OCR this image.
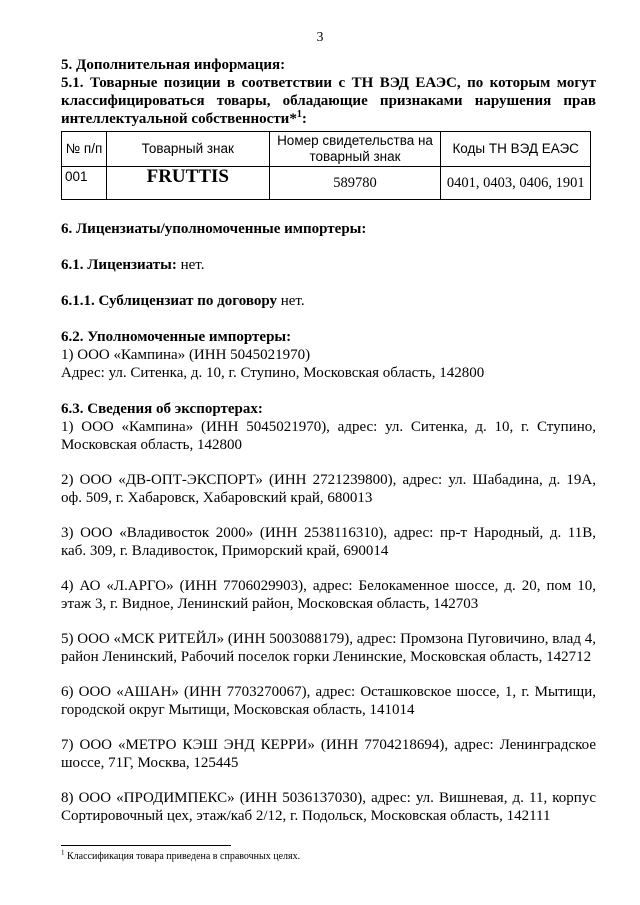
3
5. Дополнительная информация:
5.1. Товарные позиции в соответствии с ТН ВЭД ЕАЭС, по которым могут классифицироваться товары, обладающие признаками нарушения прав интеллектуальной собственности*$^1$:
№ п/п	Товарный знак	Номер свидетельства на товарный знак	Коды ТН ВЭД ЕАЭС
001	FRUTTIS	589780	0401, 0403, 0406, 1901
6. Лицензиаты/уполномоченные импортеры:
6.1. Лицензиаты: нет.
6.1.1. Сублицензиат по договору нет.
6.2. Уполномоченные импортеры:
1) ООО «Кампина» (ИНН 5045021970)
Адрес: ул. Ситенка, д. 10, г. Ступино, Московская область, 142800
6.3. Сведения об экспортерах:
1) ООО «Кампина» (ИНН 5045021970), адрес: ул. Ситенка, д. 10, г. Ступино, Московская область, 142800
2) ООО «ДВ-ОПТ-ЭКСПОРТ» (ИНН 2721239800), адрес: ул. Шабадина, д. 19А, оф. 509, г. Хабаровск, Хабаровский край, 680013
3) ООО «Владивосток 2000» (ИНН 2538116310), адрес: пр-т Народный, д. 11В, каб. 309, г. Владивосток, Приморский край, 690014
4) АО «Л.АРГО» (ИНН 7706029903), адрес: Белокаменное шоссе, д. 20, пом 10, этаж 3, г. Видное, Ленинский район, Московская область, 142703
5) ООО «МСК РИТЕЙЛ» (ИНН 5003088179), адрес: Промзона Пуговичино, влад 4, район Ленинский, Рабочий поселок горки Ленинские, Московская область, 142712
6) ООО «АШАН» (ИНН 7703270067), адрес: Осташковское шоссе, 1, г. Мытищи, городской округ Мытищи, Московская область, 141014
7) ООО «МЕТРО КЭШ ЭНД КЕРРИ» (ИНН 7704218694), адрес: Ленинградское шоссе, 71Г, Москва, 125445
8) ООО «ПРОДИМПЕКС» (ИНН 5036137030), адрес: ул. Вишневая, д. 11, корпус Сортировочный цех, этаж/каб 2/12, г. Подольск, Московская область, 142111
$^1$ Классификация товара приведена в справочных целях.
